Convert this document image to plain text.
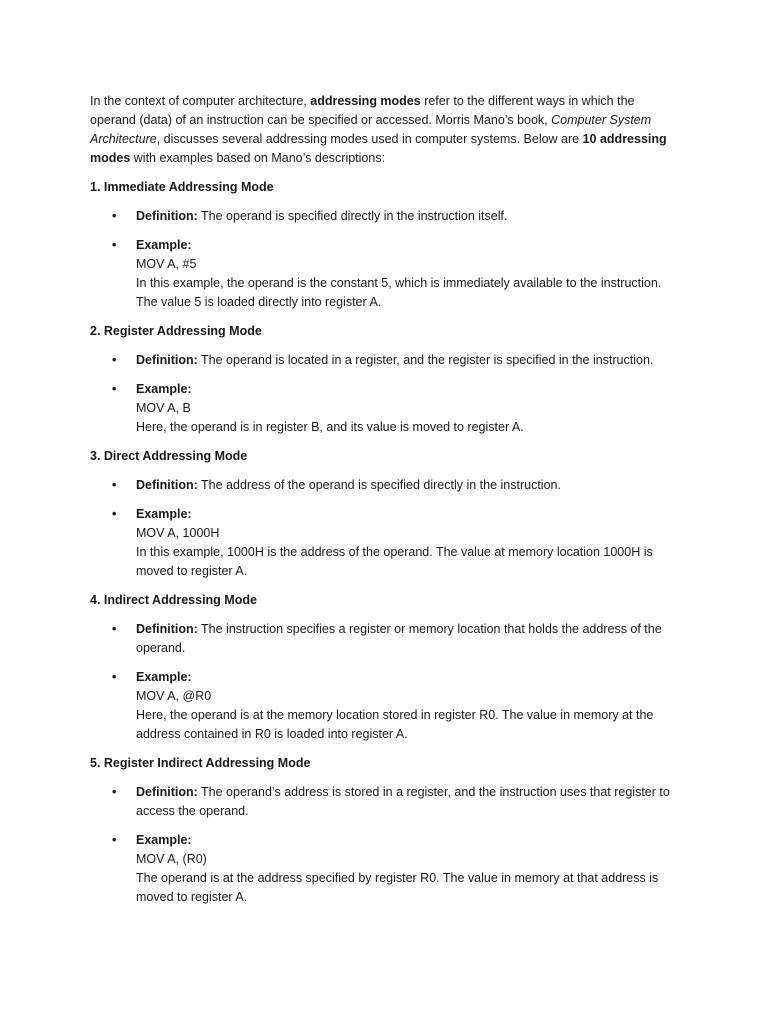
In the context of computer architecture, addressing modes refer to the different ways in which the operand (data) of an instruction can be specified or accessed. Morris Mano’s book, Computer System Architecture, discusses several addressing modes used in computer systems. Below are 10 addressing modes with examples based on Mano’s descriptions:

1. Immediate Addressing Mode

• Definition: The operand is specified directly in the instruction itself.
• Example:
MOV A, #5
In this example, the operand is the constant 5, which is immediately available to the instruction. The value 5 is loaded directly into register A.

2. Register Addressing Mode

• Definition: The operand is located in a register, and the register is specified in the instruction.
• Example:
MOV A, B
Here, the operand is in register B, and its value is moved to register A.

3. Direct Addressing Mode

• Definition: The address of the operand is specified directly in the instruction.
• Example:
MOV A, 1000H
In this example, 1000H is the address of the operand. The value at memory location 1000H is moved to register A.

4. Indirect Addressing Mode

• Definition: The instruction specifies a register or memory location that holds the address of the operand.
• Example:
MOV A, @R0
Here, the operand is at the memory location stored in register R0. The value in memory at the address contained in R0 is loaded into register A.

5. Register Indirect Addressing Mode

• Definition: The operand’s address is stored in a register, and the instruction uses that register to access the operand.
• Example:
MOV A, (R0)
The operand is at the address specified by register R0. The value in memory at that address is moved to register A.
